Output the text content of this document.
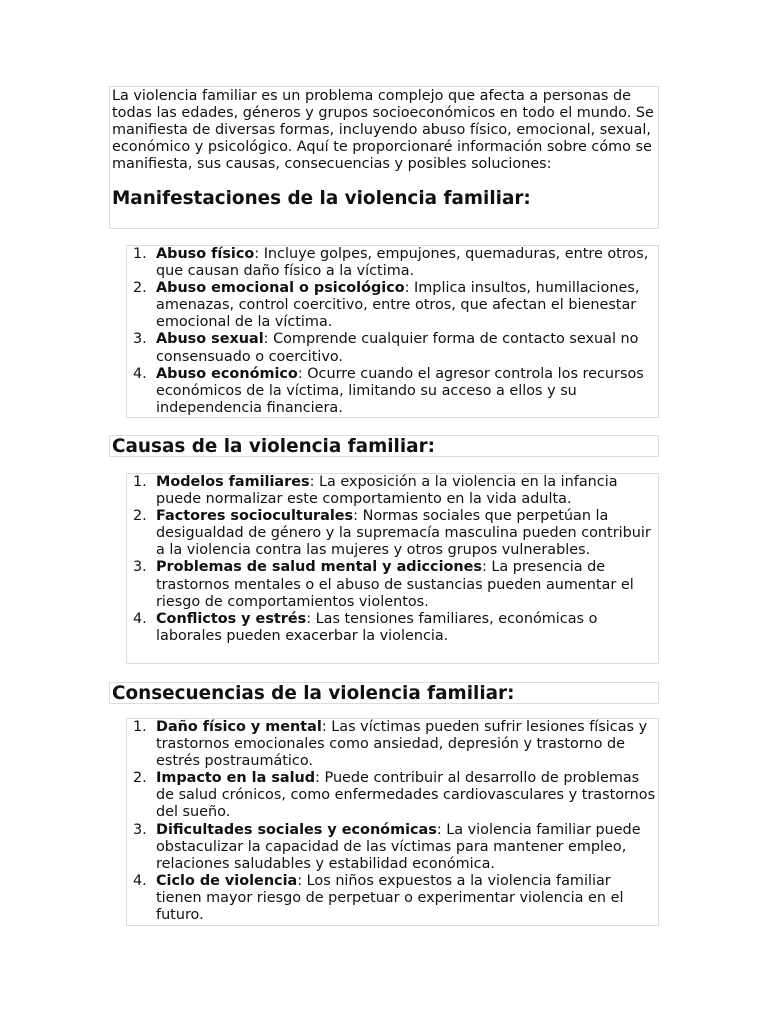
La violencia familiar es un problema complejo que afecta a personas de todas las edades, géneros y grupos socioeconómicos en todo el mundo. Se manifiesta de diversas formas, incluyendo abuso físico, emocional, sexual, económico y psicológico. Aquí te proporcionaré información sobre cómo se manifiesta, sus causas, consecuencias y posibles soluciones:

Manifestaciones de la violencia familiar:
1. Abuso físico: Incluye golpes, empujones, quemaduras, entre otros, que causan daño físico a la víctima.
2. Abuso emocional o psicológico: Implica insultos, humillaciones, amenazas, control coercitivo, entre otros, que afectan el bienestar emocional de la víctima.
3. Abuso sexual: Comprende cualquier forma de contacto sexual no consensuado o coercitivo.
4. Abuso económico: Ocurre cuando el agresor controla los recursos económicos de la víctima, limitando su acceso a ellos y su independencia financiera.
Causas de la violencia familiar:
1. Modelos familiares: La exposición a la violencia en la infancia puede normalizar este comportamiento en la vida adulta.
2. Factores socioculturales: Normas sociales que perpetúan la desigualdad de género y la supremacía masculina pueden contribuir a la violencia contra las mujeres y otros grupos vulnerables.
3. Problemas de salud mental y adicciones: La presencia de trastornos mentales o el abuso de sustancias pueden aumentar el riesgo de comportamientos violentos.
4. Conflictos y estrés: Las tensiones familiares, económicas o laborales pueden exacerbar la violencia.
Consecuencias de la violencia familiar:
1. Daño físico y mental: Las víctimas pueden sufrir lesiones físicas y trastornos emocionales como ansiedad, depresión y trastorno de estrés postraumático.
2. Impacto en la salud: Puede contribuir al desarrollo de problemas de salud crónicos, como enfermedades cardiovasculares y trastornos del sueño.
3. Dificultades sociales y económicas: La violencia familiar puede obstaculizar la capacidad de las víctimas para mantener empleo, relaciones saludables y estabilidad económica.
4. Ciclo de violencia: Los niños expuestos a la violencia familiar tienen mayor riesgo de perpetuar o experimentar violencia en el futuro.
